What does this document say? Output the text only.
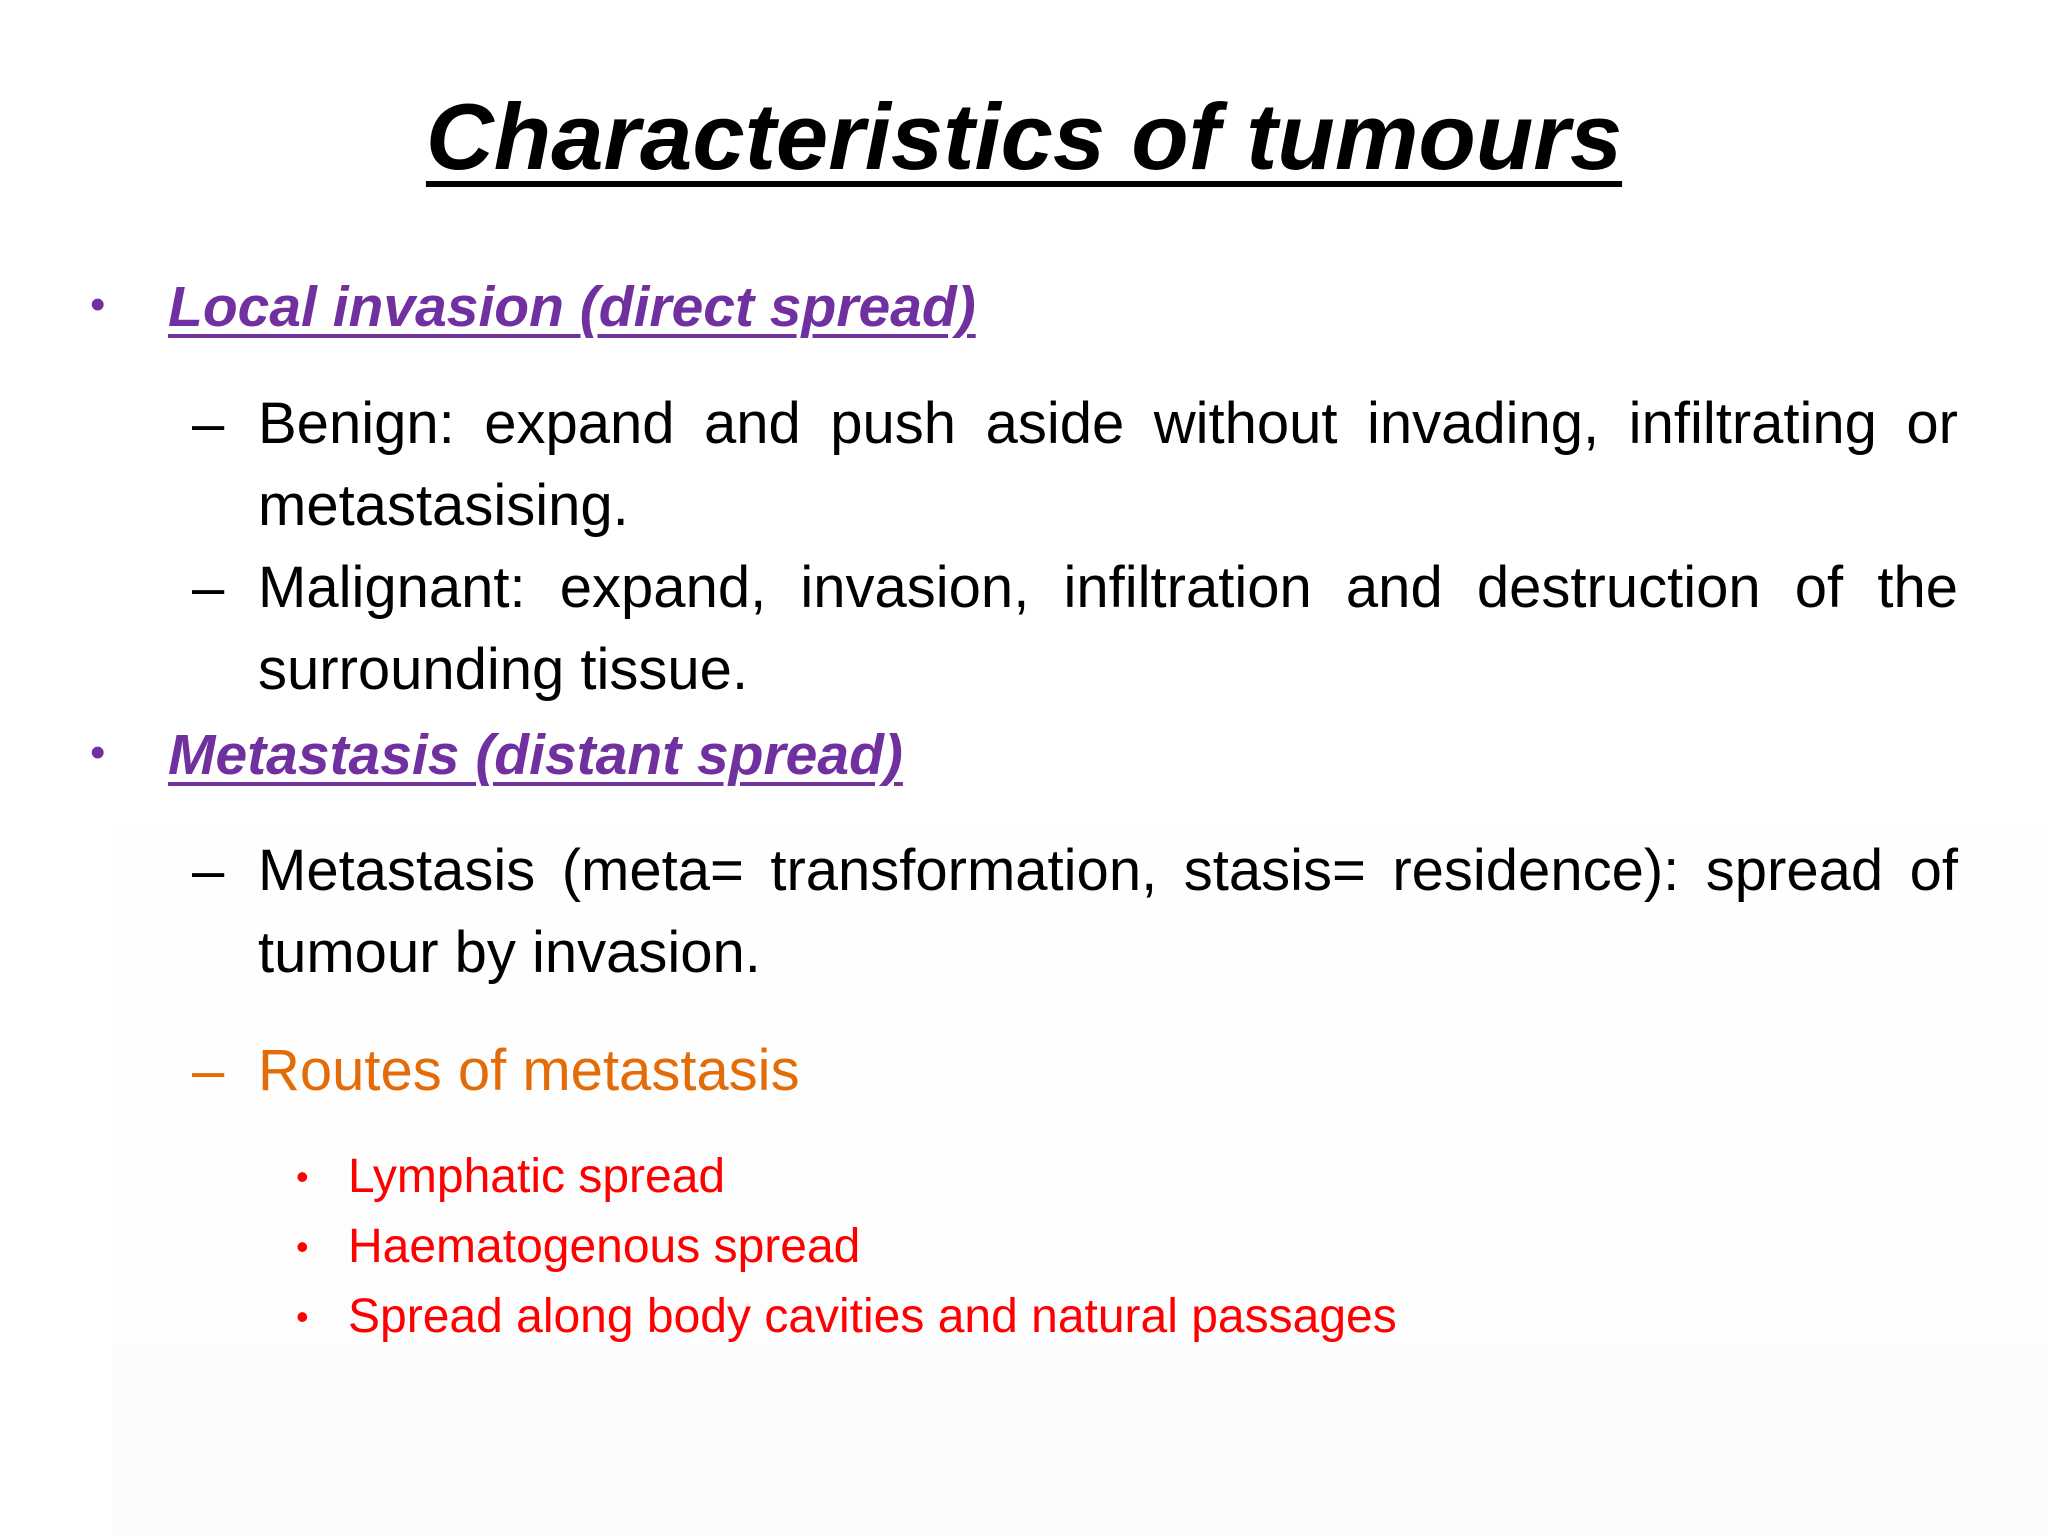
Characteristics of tumours
• Local invasion (direct spread)
– Benign: expand and push aside without invading, infiltrating or metastasising.
– Malignant: expand, invasion, infiltration and destruction of the surrounding tissue.
• Metastasis (distant spread)
– Metastasis (meta= transformation, stasis= residence): spread of tumour by invasion.
– Routes of metastasis
• Lymphatic spread
• Haematogenous spread
• Spread along body cavities and natural passages
